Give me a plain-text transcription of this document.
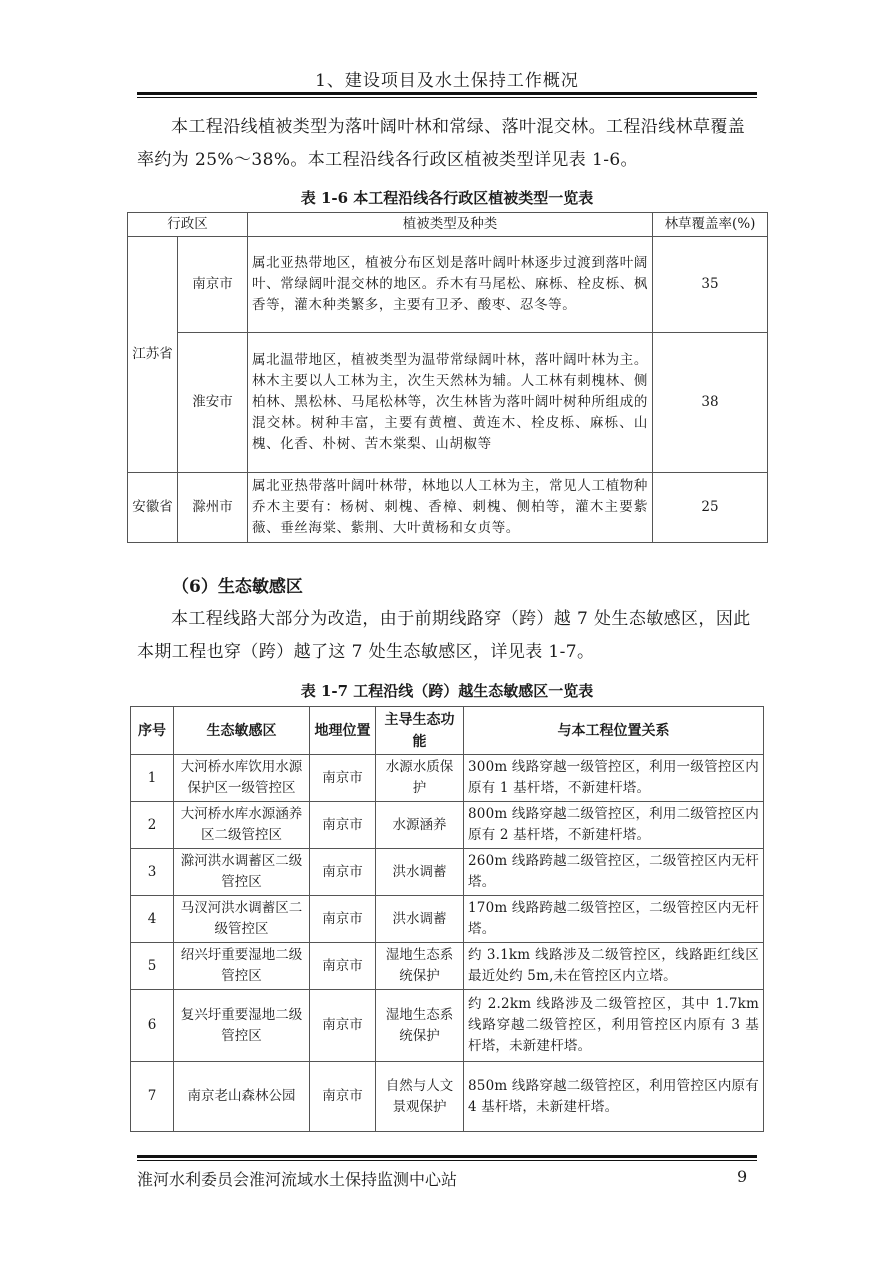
1、建设项目及水土保持工作概况
本工程沿线植被类型为落叶阔叶林和常绿、落叶混交林。工程沿线林草覆盖
率约为 25%～38%。本工程沿线各行政区植被类型详见表 1-6。
表 1-6 本工程沿线各行政区植被类型一览表
行政区		植被类型及种类	林草覆盖率(%)
江苏省	南京市	属北亚热带地区，植被分布区划是落叶阔叶林逐步过渡到落叶阔叶、常绿阔叶混交林的地区。乔木有马尾松、麻栎、栓皮栎、枫香等，灌木种类繁多，主要有卫矛、酸枣、忍冬等。	35
	淮安市	属北温带地区，植被类型为温带常绿阔叶林，落叶阔叶林为主。林木主要以人工林为主，次生天然林为辅。人工林有刺槐林、侧柏林、黑松林、马尾松林等，次生林皆为落叶阔叶树种所组成的混交林。树种丰富，主要有黄檀、黄连木、栓皮栎、麻栎、山槐、化香、朴树、苦木棠梨、山胡椒等	38
安徽省	滁州市	属北亚热带落叶阔叶林带，林地以人工林为主，常见人工植物种乔木主要有：杨树、刺槐、香樟、刺槐、侧柏等，灌木主要紫薇、垂丝海棠、紫荆、大叶黄杨和女贞等。	25
（6）生态敏感区
本工程线路大部分为改造，由于前期线路穿（跨）越 7 处生态敏感区，因此
本期工程也穿（跨）越了这 7 处生态敏感区，详见表 1-7。
表 1-7 工程沿线（跨）越生态敏感区一览表
序号	生态敏感区	地理位置	主导生态功能	与本工程位置关系
1	大河桥水库饮用水源保护区一级管控区	南京市	水源水质保护	300m 线路穿越一级管控区，利用一级管控区内原有 1 基杆塔，不新建杆塔。
2	大河桥水库水源涵养区二级管控区	南京市	水源涵养	800m 线路穿越二级管控区，利用二级管控区内原有 2 基杆塔，不新建杆塔。
3	滁河洪水调蓄区二级管控区	南京市	洪水调蓄	260m 线路跨越二级管控区，二级管控区内无杆塔。
4	马汊河洪水调蓄区二级管控区	南京市	洪水调蓄	170m 线路跨越二级管控区，二级管控区内无杆塔。
5	绍兴圩重要湿地二级管控区	南京市	湿地生态系统保护	约 3.1km 线路涉及二级管控区，线路距红线区最近处约 5m,未在管控区内立塔。
6	复兴圩重要湿地二级管控区	南京市	湿地生态系统保护	约 2.2km 线路涉及二级管控区，其中 1.7km 线路穿越二级管控区，利用管控区内原有 3 基杆塔，未新建杆塔。
7	南京老山森林公园	南京市	自然与人文景观保护	850m 线路穿越二级管控区，利用管控区内原有 4 基杆塔，未新建杆塔。
淮河水利委员会淮河流域水土保持监测中心站	9
